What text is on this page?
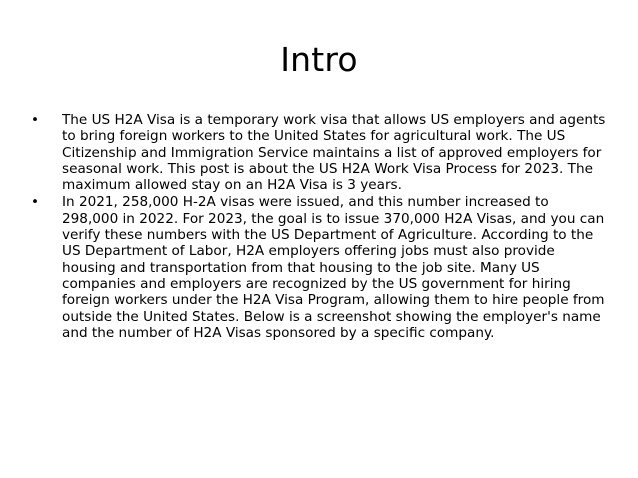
Intro
• The US H2A Visa is a temporary work visa that allows US employers and agents to bring foreign workers to the United States for agricultural work. The US Citizenship and Immigration Service maintains a list of approved employers for seasonal work. This post is about the US H2A Work Visa Process for 2023. The maximum allowed stay on an H2A Visa is 3 years.
• In 2021, 258,000 H-2A visas were issued, and this number increased to 298,000 in 2022. For 2023, the goal is to issue 370,000 H2A Visas, and you can verify these numbers with the US Department of Agriculture. According to the US Department of Labor, H2A employers offering jobs must also provide housing and transportation from that housing to the job site. Many US companies and employers are recognized by the US government for hiring foreign workers under the H2A Visa Program, allowing them to hire people from outside the United States. Below is a screenshot showing the employer's name and the number of H2A Visas sponsored by a specific company.
